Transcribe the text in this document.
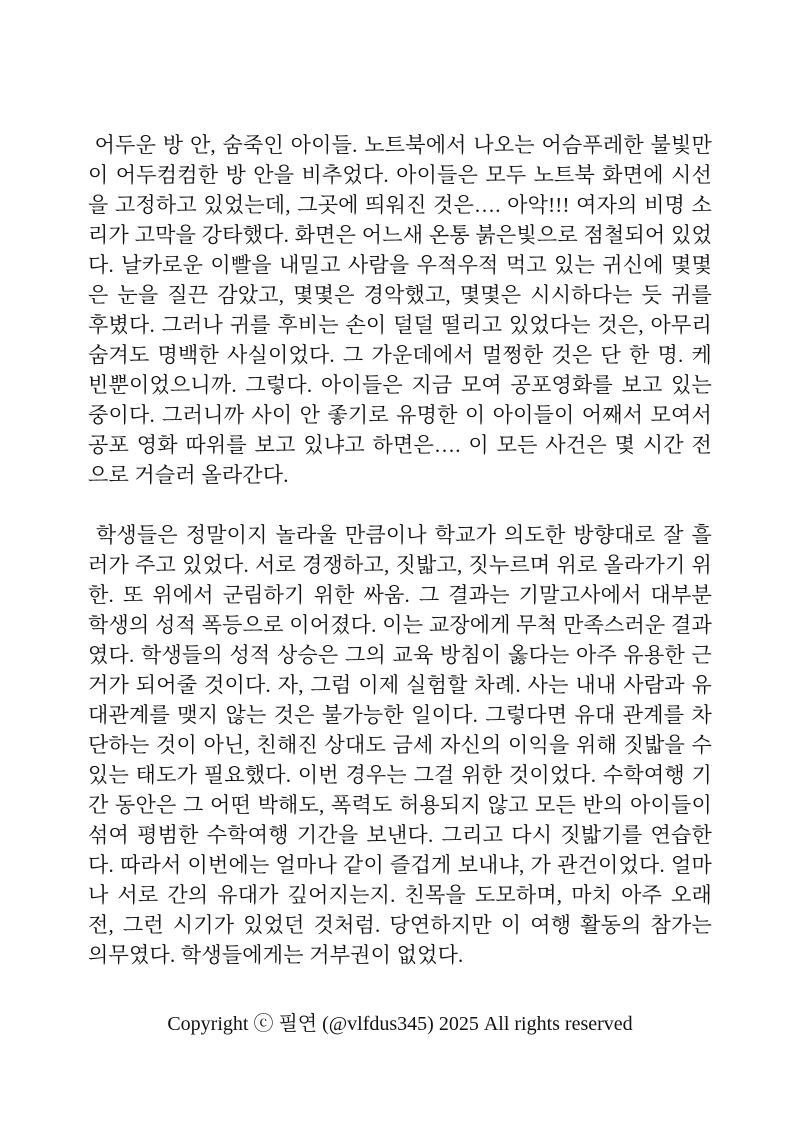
어두운 방 안, 숨죽인 아이들. 노트북에서 나오는 어슴푸레한 불빛만
이 어두컴컴한 방 안을 비추었다. 아이들은 모두 노트북 화면에 시선
을 고정하고 있었는데, 그곳에 띄워진 것은…. 아악!!! 여자의 비명 소
리가 고막을 강타했다. 화면은 어느새 온통 붉은빛으로 점철되어 있었
다. 날카로운 이빨을 내밀고 사람을 우적우적 먹고 있는 귀신에 몇몇
은 눈을 질끈 감았고, 몇몇은 경악했고, 몇몇은 시시하다는 듯 귀를
후볐다. 그러나 귀를 후비는 손이 덜덜 떨리고 있었다는 것은, 아무리
숨겨도 명백한 사실이었다. 그 가운데에서 멀쩡한 것은 단 한 명. 케
빈뿐이었으니까. 그렇다. 아이들은 지금 모여 공포영화를 보고 있는
중이다. 그러니까 사이 안 좋기로 유명한 이 아이들이 어째서 모여서
공포 영화 따위를 보고 있냐고 하면은…. 이 모든 사건은 몇 시간 전
으로 거슬러 올라간다.
학생들은 정말이지 놀라울 만큼이나 학교가 의도한 방향대로 잘 흘
러가 주고 있었다. 서로 경쟁하고, 짓밟고, 짓누르며 위로 올라가기 위
한. 또 위에서 군림하기 위한 싸움. 그 결과는 기말고사에서 대부분
학생의 성적 폭등으로 이어졌다. 이는 교장에게 무척 만족스러운 결과
였다. 학생들의 성적 상승은 그의 교육 방침이 옳다는 아주 유용한 근
거가 되어줄 것이다. 자, 그럼 이제 실험할 차례. 사는 내내 사람과 유
대관계를 맺지 않는 것은 불가능한 일이다. 그렇다면 유대 관계를 차
단하는 것이 아닌, 친해진 상대도 금세 자신의 이익을 위해 짓밟을 수
있는 태도가 필요했다. 이번 경우는 그걸 위한 것이었다. 수학여행 기
간 동안은 그 어떤 박해도, 폭력도 허용되지 않고 모든 반의 아이들이
섞여 평범한 수학여행 기간을 보낸다. 그리고 다시 짓밟기를 연습한
다. 따라서 이번에는 얼마나 같이 즐겁게 보내냐, 가 관건이었다. 얼마
나 서로 간의 유대가 깊어지는지. 친목을 도모하며, 마치 아주 오래
전, 그런 시기가 있었던 것처럼. 당연하지만 이 여행 활동의 참가는
의무였다. 학생들에게는 거부권이 없었다.
Copyright ⓒ 필연 (@vlfdus345) 2025 All rights reserved
